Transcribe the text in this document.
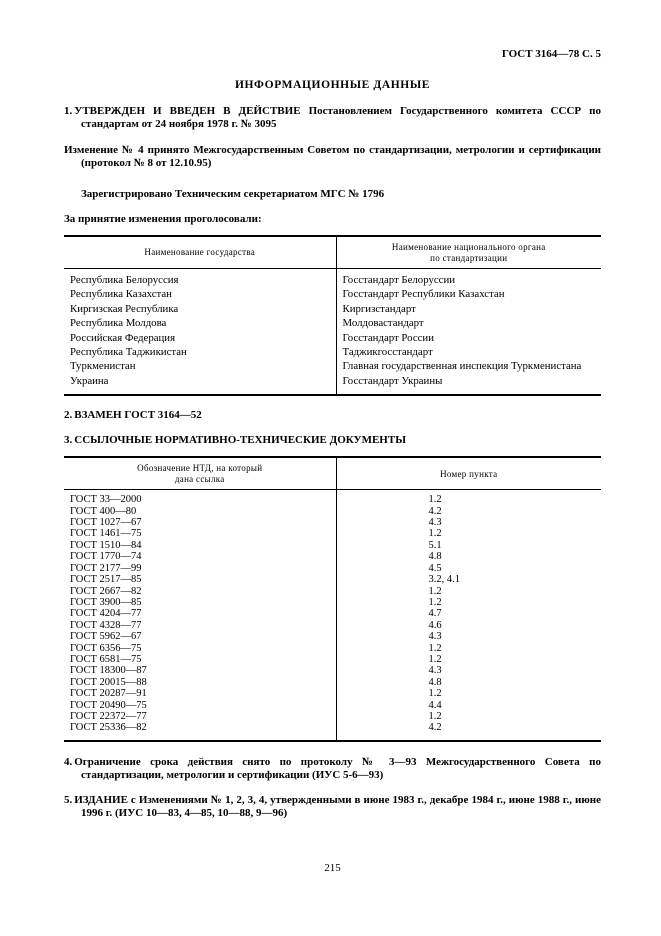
ГОСТ 3164—78 С. 5
ИНФОРМАЦИОННЫЕ ДАННЫЕ

1. УТВЕРЖДЕН И ВВЕДЕН В ДЕЙСТВИЕ Постановлением Государственного комитета СССР по стандартам от 24 ноября 1978 г. № 3095

Изменение № 4 принято Межгосударственным Советом по стандартизации, метрологии и сертификации (протокол № 8 от 12.10.95)

Зарегистрировано Техническим секретариатом МГС № 1796

За принятие изменения проголосовали:

Наименование государства	Наименование национального органа
по стандартизации

Республика Белоруссия	Госстандарт Белоруссии
Республика Казахстан	Госстандарт Республики Казахстан
Киргизская Республика	Киргизстандарт
Республика Молдова	Молдовастандарт
Российская Федерация	Госстандарт России
Республика Таджикистан	Таджикгосстандарт
Туркменистан	Главная государственная инспекция Туркменистана
Украина	Госстандарт Украины

2. ВЗАМЕН ГОСТ 3164—52

3. ССЫЛОЧНЫЕ НОРМАТИВНО-ТЕХНИЧЕСКИЕ ДОКУМЕНТЫ

Обозначение НТД, на который
дана ссылка	Номер пункта
ГОСТ 33—2000	1.2
ГОСТ 400—80	4.2
ГОСТ 1027—67	4.3
ГОСТ 1461—75	1.2
ГОСТ 1510—84	5.1
ГОСТ 1770—74	4.8
ГОСТ 2177—99	4.5
ГОСТ 2517—85	3.2, 4.1
ГОСТ 2667—82	1.2
ГОСТ 3900—85	1.2
ГОСТ 4204—77	4.7
ГОСТ 4328—77	4.6
ГОСТ 5962—67	4.3
ГОСТ 6356—75	1.2
ГОСТ 6581—75	1.2
ГОСТ 18300—87	4.3
ГОСТ 20015—88	4.8
ГОСТ 20287—91	1.2
ГОСТ 20490—75	4.4
ГОСТ 22372—77	1.2
ГОСТ 25336—82	4.2

4. Ограничение срока действия снято по протоколу № 3—93 Межгосударственного Совета по стандартизации, метрологии и сертификации (ИУС 5-6—93)

5. ИЗДАНИЕ с Изменениями № 1, 2, 3, 4, утвержденными в июне 1983 г., декабре 1984 г., июне 1988 г., июне 1996 г. (ИУС 10—83, 4—85, 10—88, 9—96)

215
